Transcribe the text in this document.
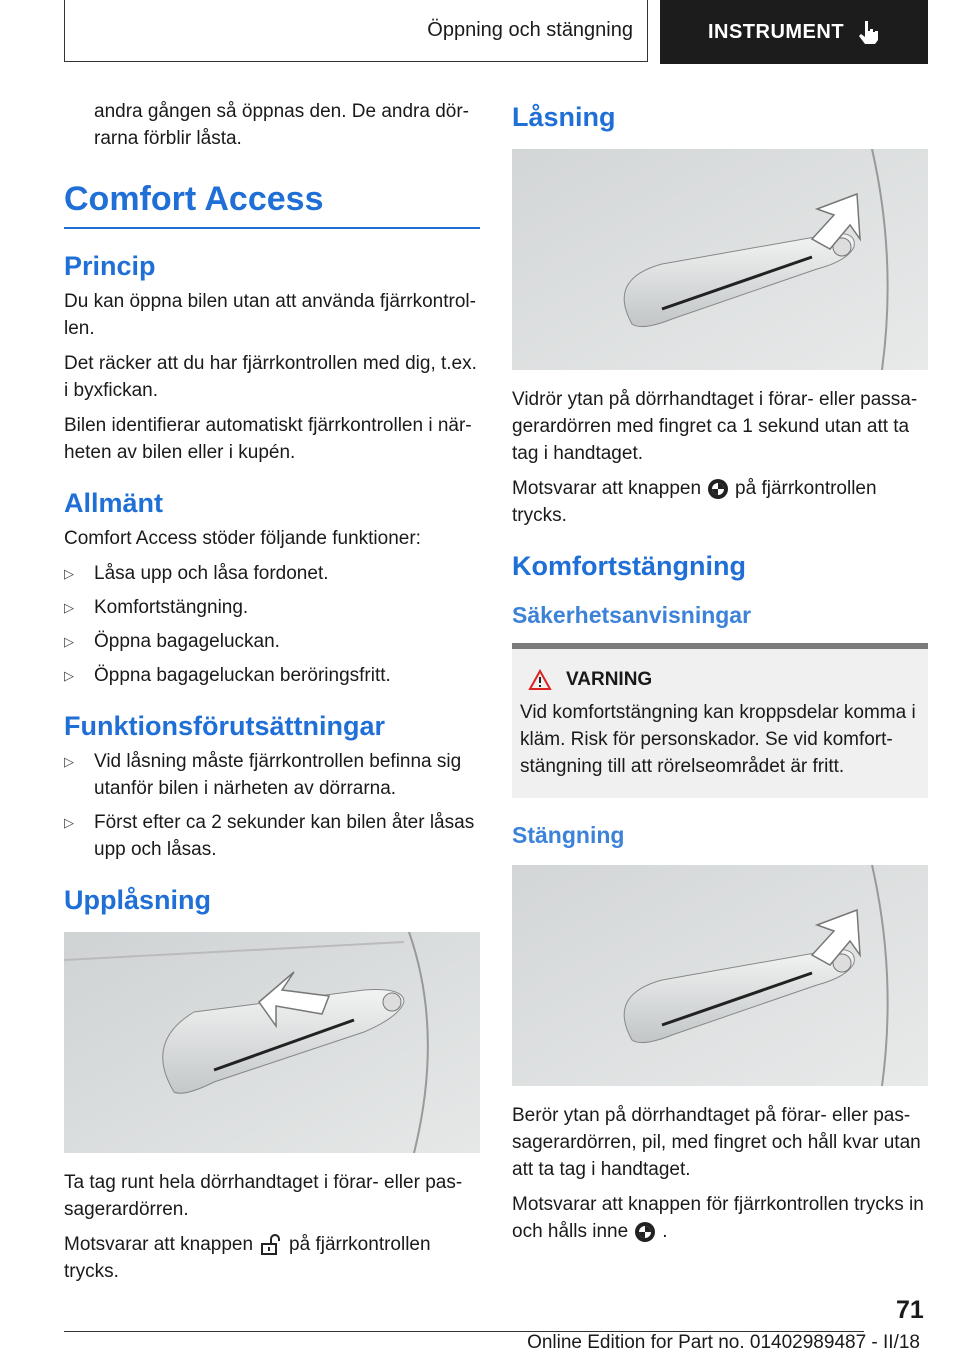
Öppning och stängning	INSTRUMENT

andra gången så öppnas den. De andra dör-rarna förblir låsta.

Comfort Access
Princip

Du kan öppna bilen utan att använda fjärrkontrol-len.

Det räcker att du har fjärrkontrollen med dig, t.ex. i byxfickan.

Bilen identifierar automatiskt fjärrkontrollen i när-heten av bilen eller i kupén.

Allmänt

Comfort Access stöder följande funktioner:

▷ Låsa upp och låsa fordonet.
▷ Komfortstängning.
▷ Öppna bagageluckan.
▷ Öppna bagageluckan beröringsfritt.
Funktionsförutsättningar
▷ Vid låsning måste fjärrkontrollen befinna sig utanför bilen i närheten av dörrarna.
▷ Först efter ca 2 sekunder kan bilen åter låsas upp och låsas.
Upplåsning

Ta tag runt hela dörrhandtaget i förar- eller pas-sagerardörren.

Motsvarar att knappen på fjärrkontrollen trycks.

Låsning

Vidrör ytan på dörrhandtaget i förar- eller passa-gerardörren med fingret ca 1 sekund utan att ta tag i handtaget.

Motsvarar att knappen på fjärrkontrollen trycks.

Komfortstängning
Säkerhetsanvisningar
VARNING

Vid komfortstängning kan kroppsdelar komma i kläm. Risk för personskador. Se vid komfort-stängning till att rörelseområdet är fritt.

Stängning

Berör ytan på dörrhandtaget på förar- eller pas-sagerardörren, pil, med fingret och håll kvar utan att ta tag i handtaget.

Motsvarar att knappen för fjärrkontrollen trycks in och hålls inne .

71
Online Edition for Part no. 01402989487 - II/18
